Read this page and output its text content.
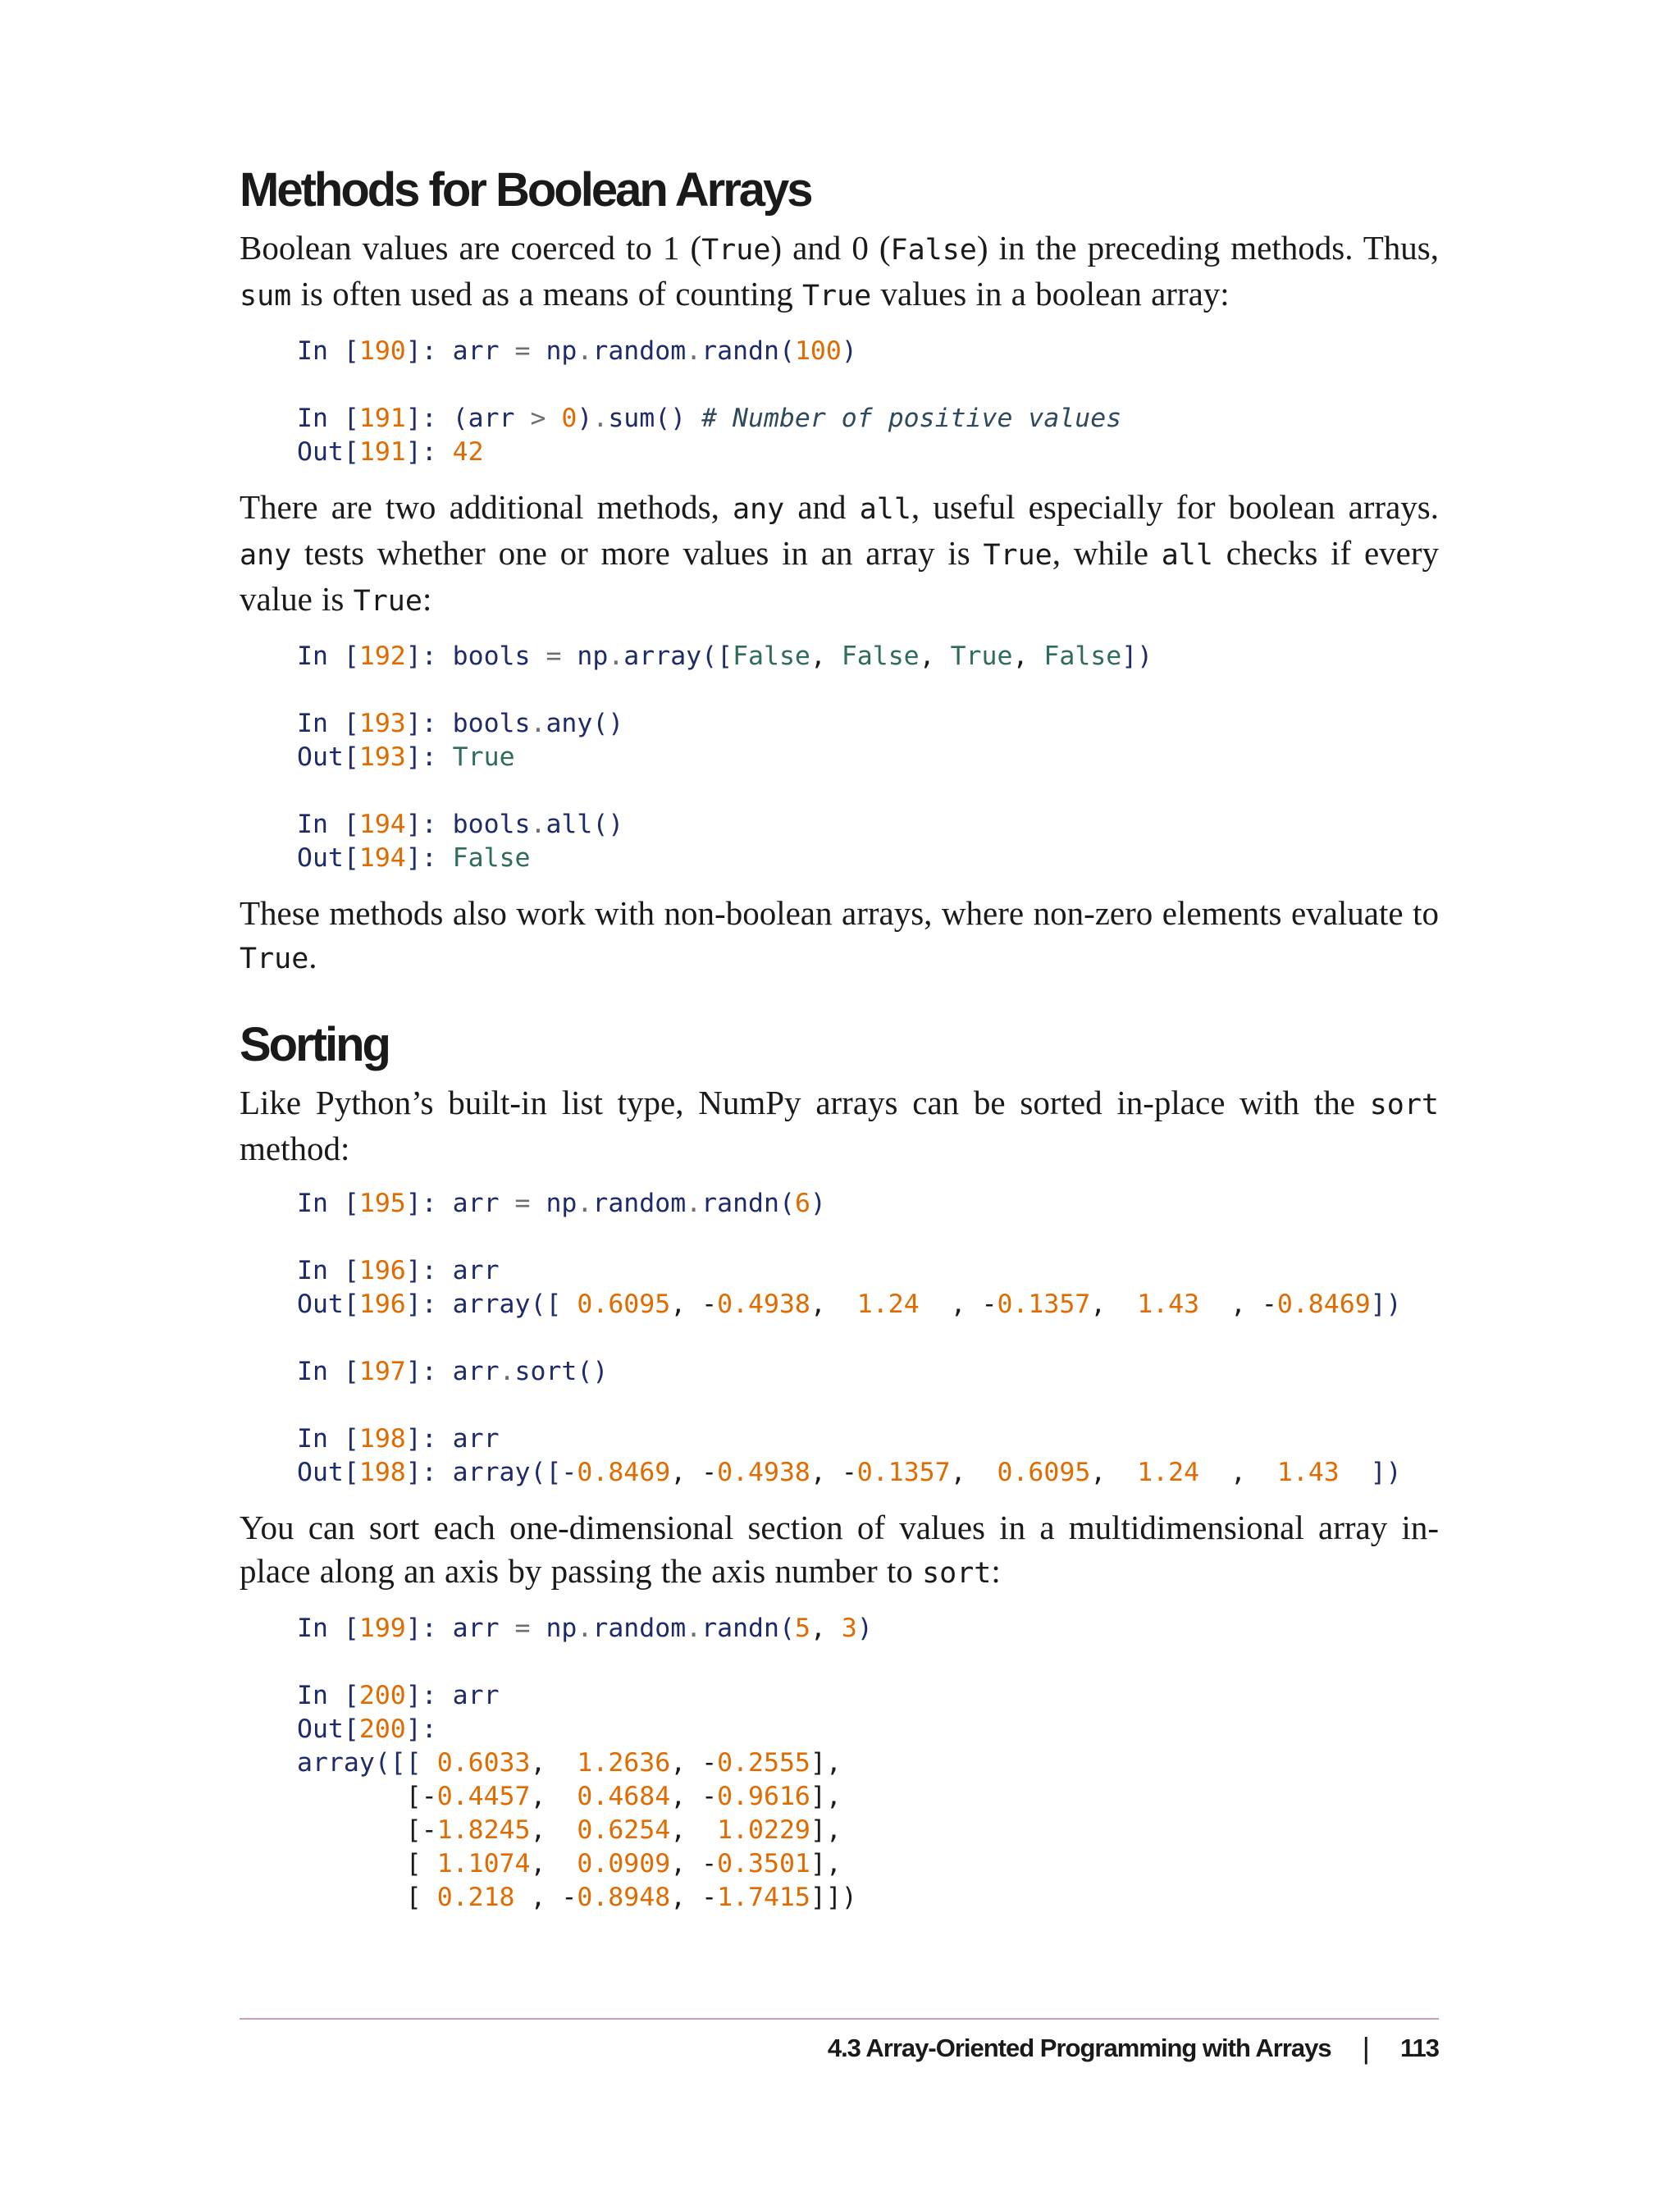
Methods for Boolean Arrays

Boolean values are coerced to 1 (True) and 0 (False) in the preceding methods. Thus, sum is often used as a means of counting True values in a boolean array:

In [190]: arr = np.random.randn(100)
In [191]: (arr > 0).sum() # Number of positive values
Out[191]: 42

There are two additional methods, any and all, useful especially for boolean arrays. any tests whether one or more values in an array is True, while all checks if every value is True:

In [192]: bools = np.array([False, False, True, False])
In [193]: bools.any()
Out[193]: True
In [194]: bools.all()
Out[194]: False

These methods also work with non-boolean arrays, where non-zero elements evaluate to True.

Sorting

Like Python’s built-in list type, NumPy arrays can be sorted in-place with the sort method:

In [195]: arr = np.random.randn(6)
In [196]: arr
Out[196]: array([ 0.6095, -0.4938,  1.24  , -0.1357,  1.43  , -0.8469])
In [197]: arr.sort()
In [198]: arr
Out[198]: array([-0.8469, -0.4938, -0.1357,  0.6095,  1.24  ,  1.43  ])

You can sort each one-dimensional section of values in a multidimensional array in-place along an axis by passing the axis number to sort:

In [199]: arr = np.random.randn(5, 3)
In [200]: arr
Out[200]:
array([[ 0.6033,  1.2636, -0.2555],
[-0.4457,  0.4684, -0.9616],
[-1.8245,  0.6254,  1.0229],
[ 1.1074,  0.0909, -0.3501],
[ 0.218 , -0.8948, -1.7415]])
4.3 Array-Oriented Programming with Arrays | 113
